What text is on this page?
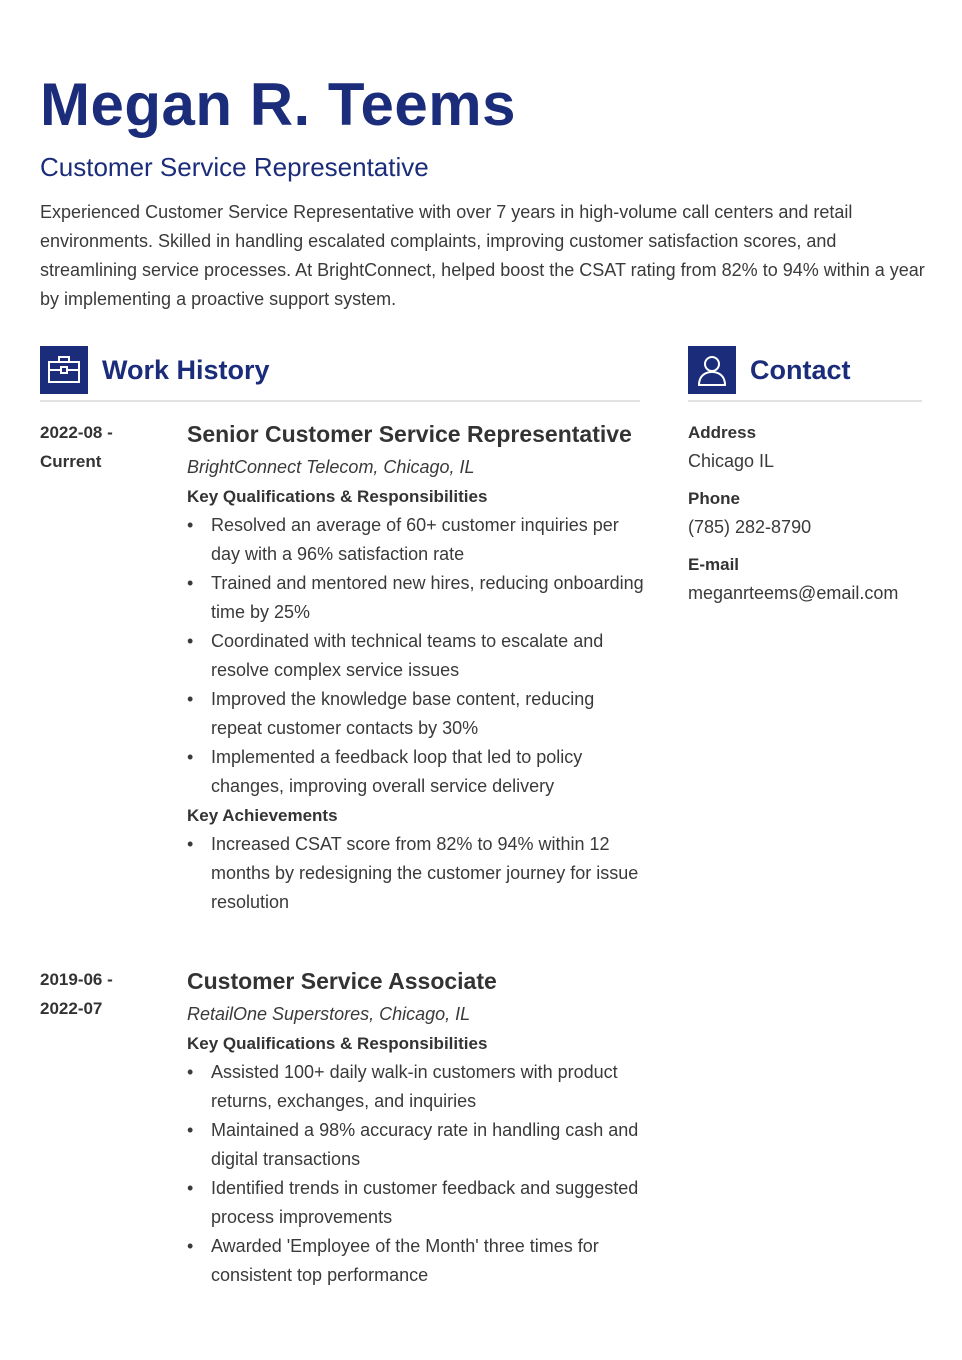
Megan R. Teems
Customer Service Representative
Experienced Customer Service Representative with over 7 years in high-volume call centers and retail environments. Skilled in handling escalated complaints, improving customer satisfaction scores, and streamlining service processes. At BrightConnect, helped boost the CSAT rating from 82% to 94% within a year by implementing a proactive support system.
Work History	Contact
2022-08 -
Current
Senior Customer Service Representative
BrightConnect Telecom, Chicago, IL
Key Qualifications & Responsibilities
• Resolved an average of 60+ customer inquiries per day with a 96% satisfaction rate
• Trained and mentored new hires, reducing onboarding time by 25%
• Coordinated with technical teams to escalate and resolve complex service issues
• Improved the knowledge base content, reducing repeat customer contacts by 30%
• Implemented a feedback loop that led to policy changes, improving overall service delivery
Key Achievements
• Increased CSAT score from 82% to 94% within 12 months by redesigning the customer journey for issue resolution
2019-06 -
2022-07
Customer Service Associate
RetailOne Superstores, Chicago, IL
Key Qualifications & Responsibilities
• Assisted 100+ daily walk-in customers with product returns, exchanges, and inquiries
• Maintained a 98% accuracy rate in handling cash and digital transactions
• Identified trends in customer feedback and suggested process improvements
• Awarded 'Employee of the Month' three times for consistent top performance
Address
Chicago IL
Phone
(785) 282-8790
E-mail
meganrteems@email.com
